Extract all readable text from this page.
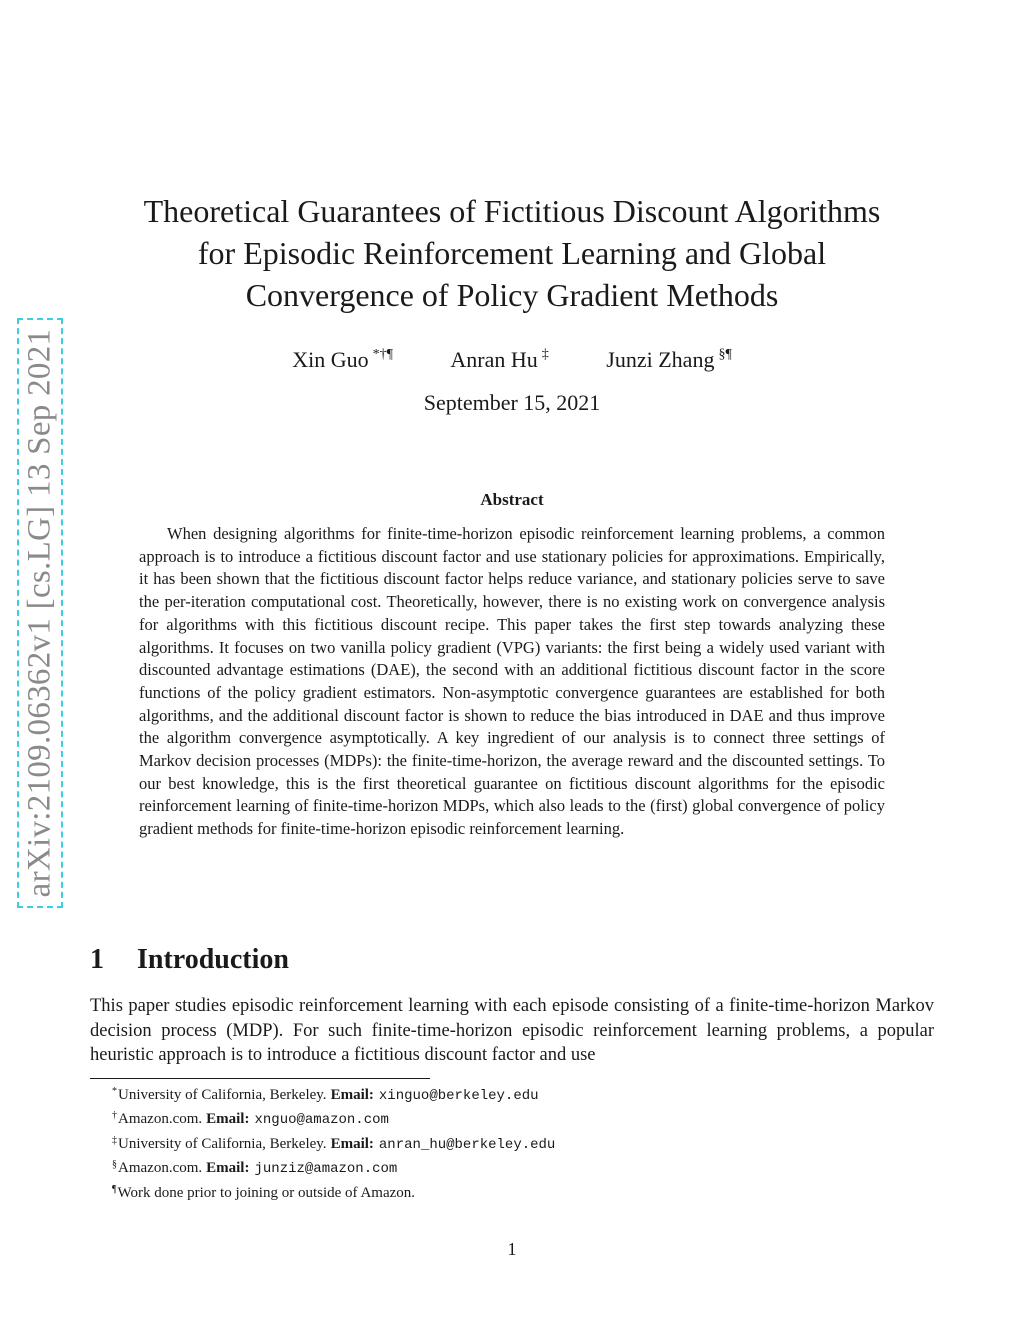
arXiv:2109.06362v1 [cs.LG] 13 Sep 2021
Theoretical Guarantees of Fictitious Discount Algorithms
for Episodic Reinforcement Learning and Global
Convergence of Policy Gradient Methods
Xin Guo *†¶	Anran Hu ‡	Junzi Zhang §¶
September 15, 2021
Abstract

When designing algorithms for finite-time-horizon episodic reinforcement learning problems, a common approach is to introduce a fictitious discount factor and use stationary policies for approximations. Empirically, it has been shown that the fictitious discount factor helps reduce variance, and stationary policies serve to save the per-iteration computational cost. Theoretically, however, there is no existing work on convergence analysis for algorithms with this fictitious discount recipe. This paper takes the first step towards analyzing these algorithms. It focuses on two vanilla policy gradient (VPG) variants: the first being a widely used variant with discounted advantage estimations (DAE), the second with an additional fictitious discount factor in the score functions of the policy gradient estimators. Non-asymptotic convergence guarantees are established for both algorithms, and the additional discount factor is shown to reduce the bias introduced in DAE and thus improve the algorithm convergence asymptotically. A key ingredient of our analysis is to connect three settings of Markov decision processes (MDPs): the finite-time-horizon, the average reward and the discounted settings. To our best knowledge, this is the first theoretical guarantee on fictitious discount algorithms for the episodic reinforcement learning of finite-time-horizon MDPs, which also leads to the (first) global convergence of policy gradient methods for finite-time-horizon episodic reinforcement learning.

1 Introduction

This paper studies episodic reinforcement learning with each episode consisting of a finite-time-horizon Markov decision process (MDP). For such finite-time-horizon episodic reinforcement learning problems, a popular heuristic approach is to introduce a fictitious discount factor and use

*University of California, Berkeley. Email: xinguo@berkeley.edu
†Amazon.com. Email: xnguo@amazon.com
‡University of California, Berkeley. Email: anran_hu@berkeley.edu
§Amazon.com. Email: junziz@amazon.com
¶Work done prior to joining or outside of Amazon.
1
